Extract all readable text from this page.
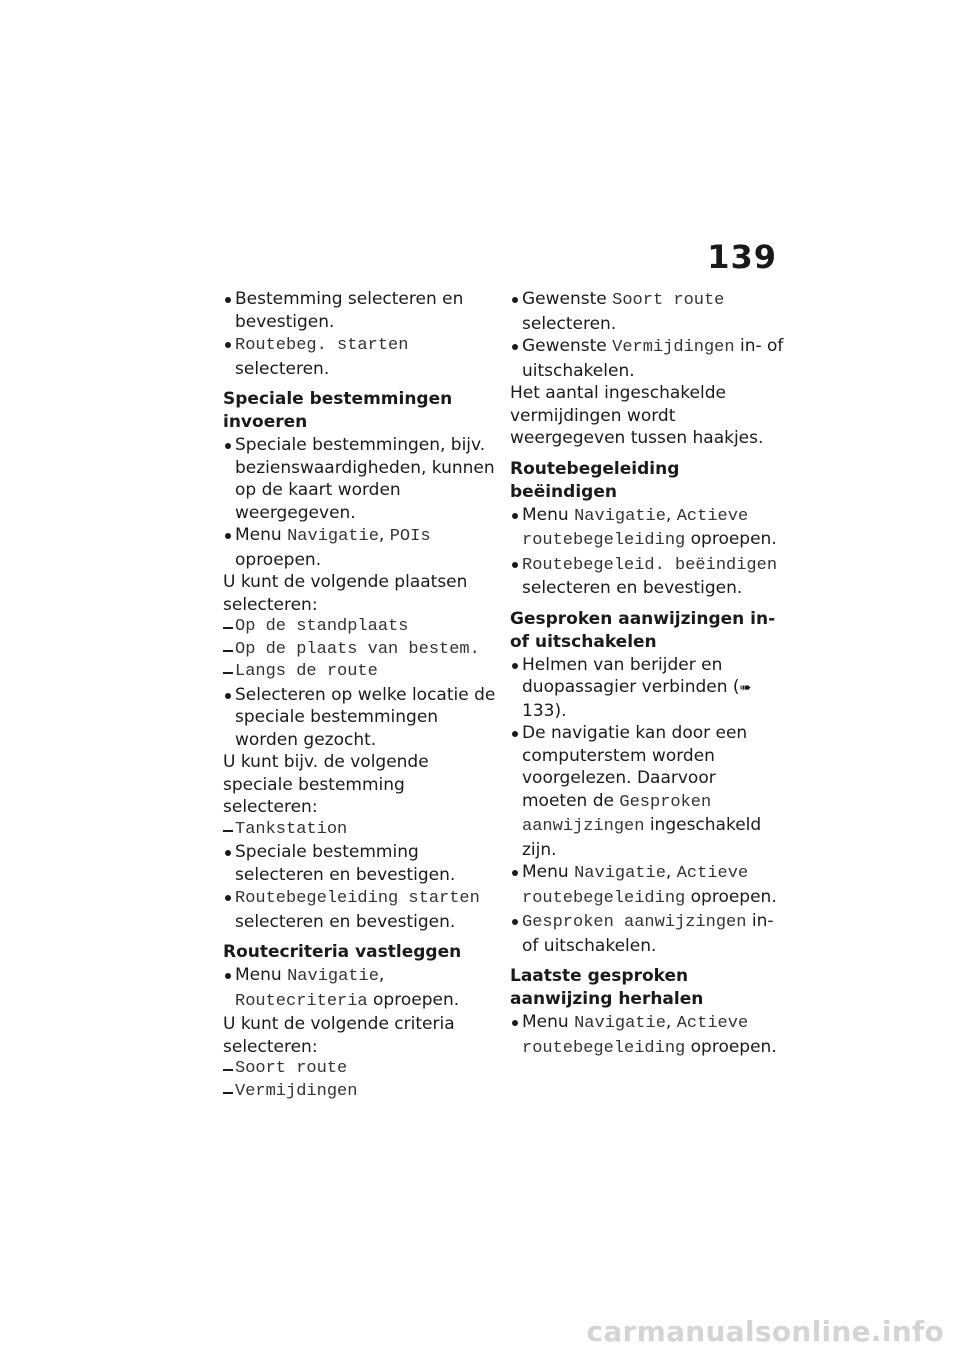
139
Bestemming selecteren en bevestigen.
Routebeg. starten selecteren.
Speciale bestemmingen invoeren
Speciale bestemmingen, bijv. bezienswaardigheden, kunnen op de kaart worden weergegeven.
Menu Navigatie, POIs oproepen.
U kunt de volgende plaatsen selecteren:
Op de standplaats
Op de plaats van bestem.
Langs de route
Selecteren op welke locatie de speciale bestemmingen worden gezocht.
U kunt bijv. de volgende speciale bestemming selecteren:
Tankstation
Speciale bestemming selecteren en bevestigen.
Routebegeleiding starten selecteren en bevestigen.
Routecriteria vastleggen
Menu Navigatie, Routecriteria oproepen.
U kunt de volgende criteria selecteren:
Soort route
Vermijdingen
Gewenste Soort route selecteren.
Gewenste Vermijdingen in- of uitschakelen.
Het aantal ingeschakelde vermijdingen wordt weergegeven tussen haakjes.
Routebegeleiding beëindigen
Menu Navigatie, Actieve routebegeleiding oproepen.
Routebegeleid. beëindigen selecteren en bevestigen.
Gesproken aanwijzingen in- of uitschakelen
Helmen van berijder en duopassagier verbinden (➠ 133).
De navigatie kan door een computerstem worden voorgelezen. Daarvoor moeten de Gesproken aanwijzingen ingeschakeld zijn.
Menu Navigatie, Actieve routebegeleiding oproepen.
Gesproken aanwijzingen in- of uitschakelen.
Laatste gesproken aanwijzing herhalen
Menu Navigatie, Actieve routebegeleiding oproepen.
carmanualsonline.info
